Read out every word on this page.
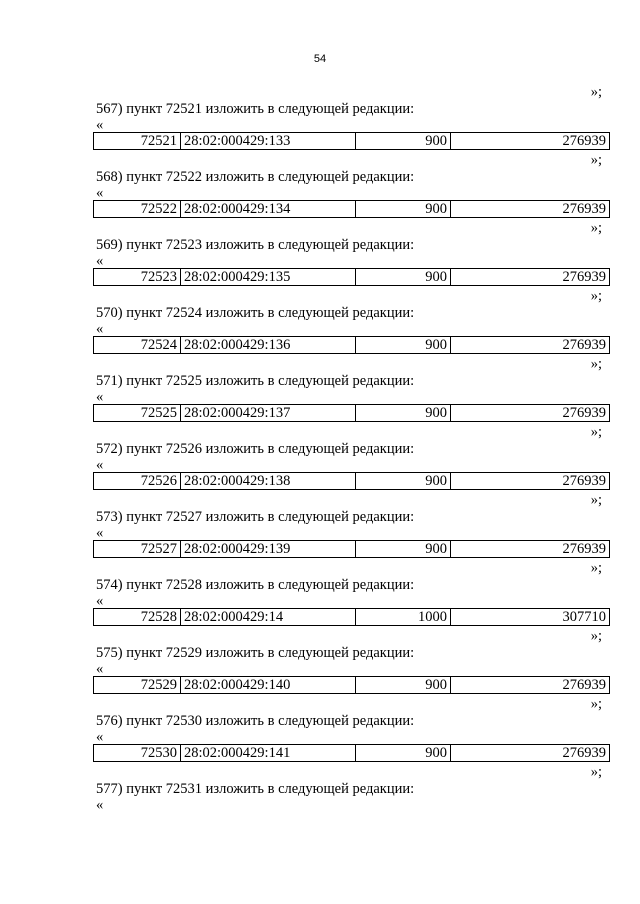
54
»;
567) пункт 72521 изложить в следующей редакции:
«
72521	28:02:000429:133	900	276939
»;
568) пункт 72522 изложить в следующей редакции:
«
72522	28:02:000429:134	900	276939
»;
569) пункт 72523 изложить в следующей редакции:
«
72523	28:02:000429:135	900	276939
»;
570) пункт 72524 изложить в следующей редакции:
«
72524	28:02:000429:136	900	276939
»;
571) пункт 72525 изложить в следующей редакции:
«
72525	28:02:000429:137	900	276939
»;
572) пункт 72526 изложить в следующей редакции:
«
72526	28:02:000429:138	900	276939
»;
573) пункт 72527 изложить в следующей редакции:
«
72527	28:02:000429:139	900	276939
»;
574) пункт 72528 изложить в следующей редакции:
«
72528	28:02:000429:14	1000	307710
»;
575) пункт 72529 изложить в следующей редакции:
«
72529	28:02:000429:140	900	276939
»;
576) пункт 72530 изложить в следующей редакции:
«
72530	28:02:000429:141	900	276939
»;
577) пункт 72531 изложить в следующей редакции:
«
